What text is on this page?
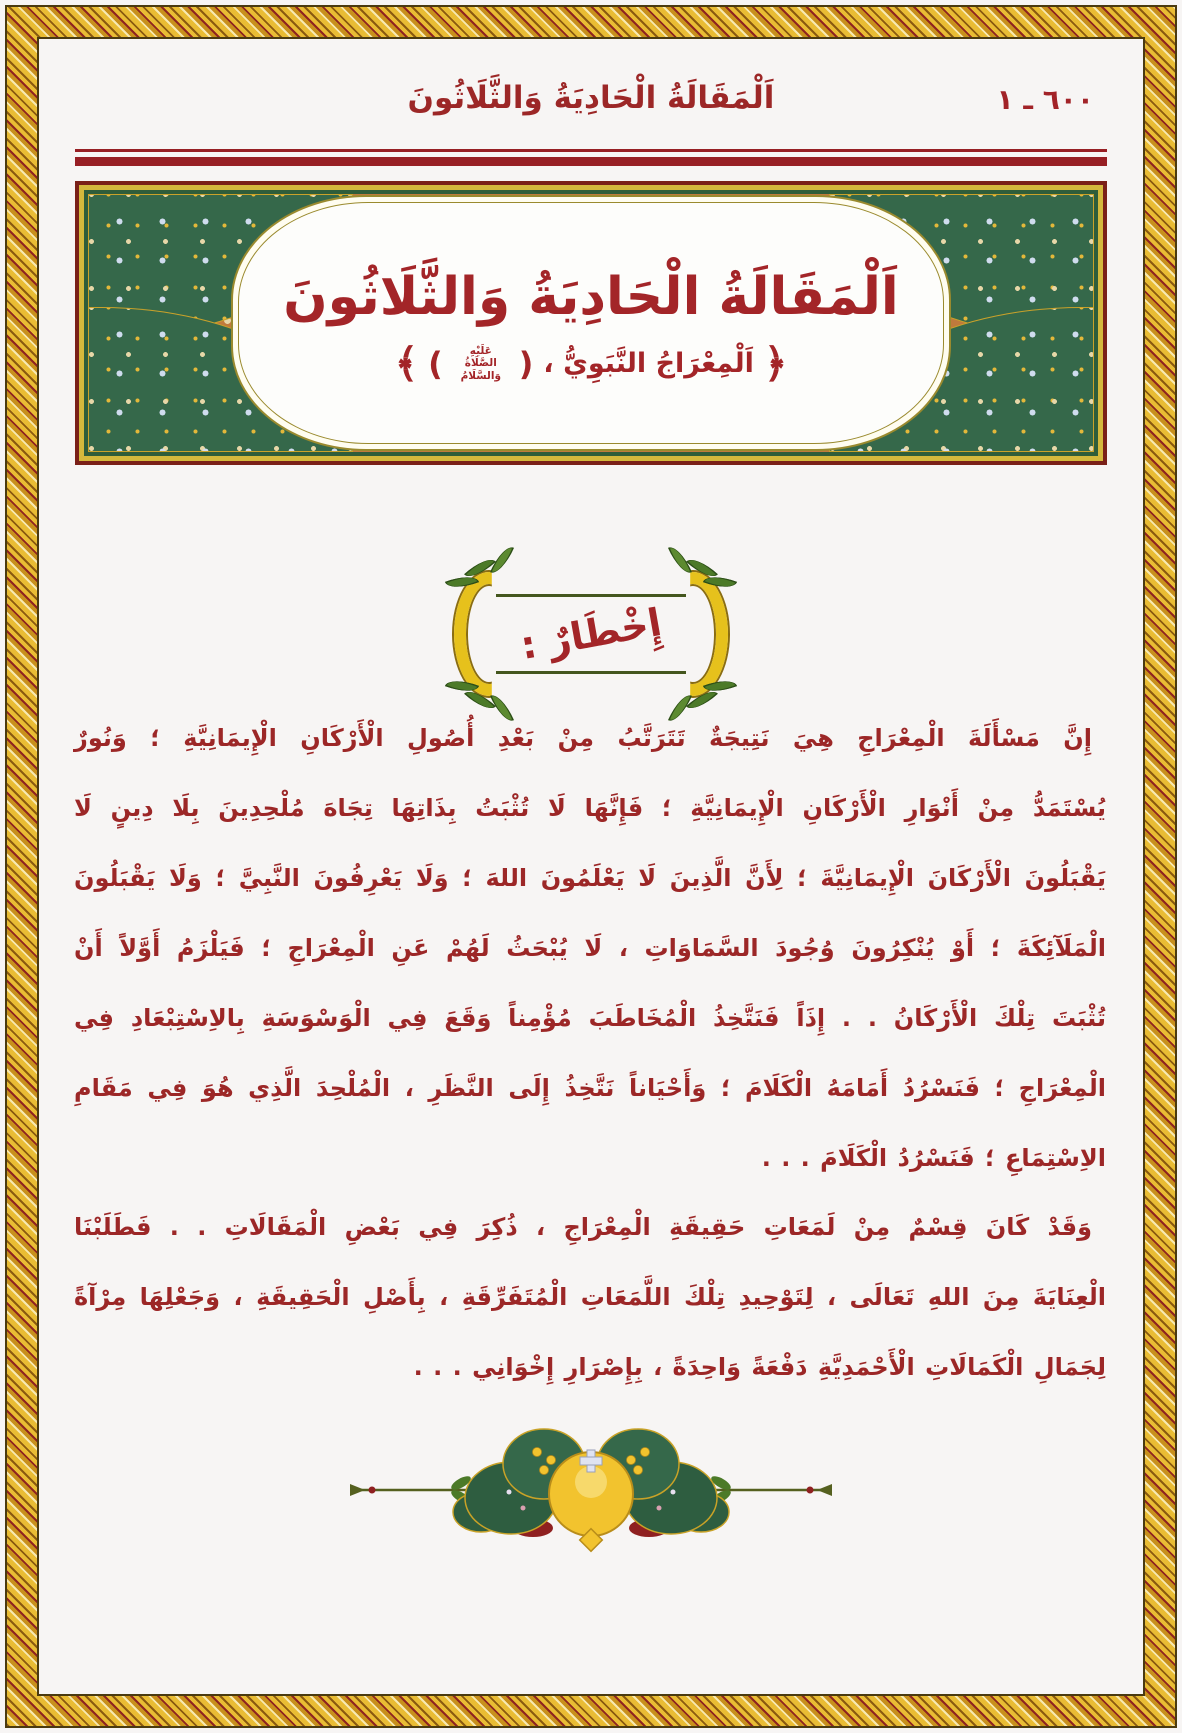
اَلْمَقَالَةُ الْحَادِيَةُ وَالثَّلَاثُونَ	٦٠٠ ـ ١
اَلْمَقَالَةُ الْحَادِيَةُ وَالثَّلَاثُونَ
﴿
اَلْمِعْرَاجُ النَّبَوِيُّ ،
(
عَلَيْهِ الصَّلَاةُ وَالسَّلَامُ
)
﴾
إِخْطَارٌ :
إِنَّ مَسْأَلَةَ الْمِعْرَاجِ هِيَ نَتِيجَةٌ تَتَرَتَّبُ مِنْ بَعْدِ أُصُولِ الْأَرْكَانِ الْإِيمَانِيَّةِ ؛ وَنُورٌ
يُسْتَمَدُّ مِنْ أَنْوَارِ الْأَرْكَانِ الْإِيمَانِيَّةِ ؛ فَإِنَّهَا لَا تُثْبَتُ بِذَاتِهَا تِجَاهَ مُلْحِدِينَ بِلَا دِينٍ لَا
يَقْبَلُونَ الْأَرْكَانَ الْإِيمَانِيَّةَ ؛ لِأَنَّ الَّذِينَ لَا يَعْلَمُونَ اللهَ ؛ وَلَا يَعْرِفُونَ النَّبِيَّ ؛ وَلَا يَقْبَلُونَ
الْمَلَآئِكَةَ ؛ أَوْ يُنْكِرُونَ وُجُودَ السَّمَاوَاتِ ، لَا يُبْحَثُ لَهُمْ عَنِ الْمِعْرَاجِ ؛ فَيَلْزَمُ أَوَّلاً أَنْ
تُثْبَتَ تِلْكَ الْأَرْكَانُ . . إِذَاً فَنَتَّخِذُ الْمُخَاطَبَ مُؤْمِناً وَقَعَ فِي الْوَسْوَسَةِ بِالاِسْتِبْعَادِ فِي
الْمِعْرَاجِ ؛ فَنَسْرُدُ أَمَامَهُ الْكَلَامَ ؛ وَأَحْيَاناً نَتَّخِذُ إِلَى النَّظَرِ ، الْمُلْحِدَ الَّذِي هُوَ فِي مَقَامِ
الاِسْتِمَاعِ ؛ فَنَسْرُدُ الْكَلَامَ . . .
وَقَدْ كَانَ قِسْمٌ مِنْ لَمَعَاتِ حَقِيقَةِ الْمِعْرَاجِ ، ذُكِرَ فِي بَعْضِ الْمَقَالَاتِ . . فَطَلَبْنَا
الْعِنَايَةَ مِنَ اللهِ تَعَالَى ، لِتَوْحِيدِ تِلْكَ اللَّمَعَاتِ الْمُتَفَرِّقَةِ ، بِأَصْلِ الْحَقِيقَةِ ، وَجَعْلِهَا مِرْآةً
لِجَمَالِ الْكَمَالَاتِ الْأَحْمَدِيَّةِ دَفْعَةً وَاحِدَةً ، بِإِصْرَارِ إِخْوَانِي . . .
